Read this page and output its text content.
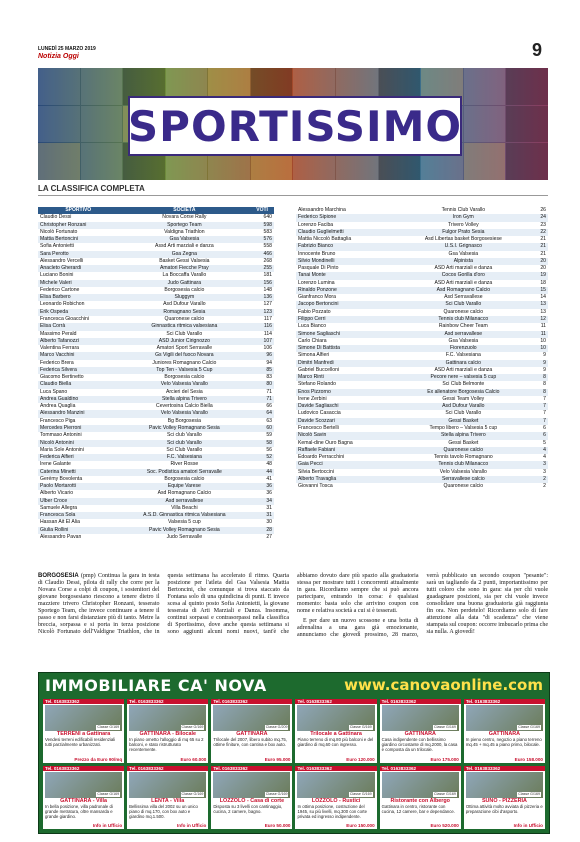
LUNEDÌ 25 MARZO 2019
Notizia Oggi	9
SPORTISSIMO
LA CLASSIFICA COMPLETA
SPORTIVO	SOCIETÀ	VOTI
Claudio Dessi	Novara Corse Rally	640
Christopher Ronzani	Sportego Team	598
Nicolò Fortunato	Valdigna Triathlon	583
Mattia Bertoncini	Gsa Valsesia	576
Sofia Antonietti	Assd Arti marziali e danza	558
Sara Perotto	Gsa Zegna	466
Alessandro Vercelli	Basket Gessi Valsesia	268
Anacleto Gherardi	Amatori Fiecche Pray	255
Luciano Bonini	La Boccaffa Varallo	181
Michele Valeri	Judo Gattinara	156
Federico Cartone	Borgosesia calcio	148
Elisa Barbero	Sluggym	136
Leonardo Robichon	Asd Dufour Varallo	127
Erik Ospeda	Romagnano Sesia	123
Francesca Gioacchini	Quaronese calcio	117
Elisa Corrà	Ginnastica ritmica valsesiana	116
Massimo Perald	Sci Club Varallo	114
Alberto Tafanozzi	ASD Junior Cirignozzo	107
Valentina Ferrara	Amatori Sport Serravalle	106
Marco Vacchini	Gs Vigili del fuoco Novara	96
Federico Brera	Juniores Romagnano Calcio	94
Federica Silvera	Top Ten - Valsesia 5 Cup	85
Giacomo Bertinetto	Borgosesia calcio	83
Claudio Biella	Velo Valsesia Varallo	80
Luca Spano	Arcieri del Sesia	71
Andrea Gualdino	Stella alpina Trivero	71
Andrea Quaglia	Cevertosina Calcio Biella	66
Alessandro Manzini	Velo Valsesia Varallo	64
Francesco Piga	Bg Borgosesia	63
Mercedes Pierroni	Pavic Volley Romagnano Sesia	60
Tommaso Antonini	Sci club Varallo	59
Nicolò Antonini	Sci club Varallo	58
Maria Sole Antonini	Sci Club Varallo	56
Federica Alfieri	F.C. Valsesiana	52
Irene Galante	River Rosse	48
Caterina Minetti	Soc. Podistica amatori Serravalle	44
Gerémy Bovolenta	Borgosesia calcio	41
Paolo Mortarotti	Equipe Varese	36
Alberto Vicario	Asd Romagnano Calcio	36
Ulber Croce	Asd serravallese	34
Samuele Allegra	Villa Beachi	31
Francesca Sola	A.S.D. Ginnastica ritmica Valsesiana	31
Hassan Ait El Alia	Valsesia 5 cup	30
Giulia Rollini	Pavic Volley Romagnano Sesia	28
Alessandro Pavan	Judo Serravalle	27
Alessandro Marchina	Tennis Club Varallo	26
Federico Sipione	Iron Gym	24
Lorenzo Faciba	Trivero Volley	23
Claudio Guglielmetti	Fulgor Prato Sesia	22
Mattia Niccolò Battaglia	Asd Libertas basket Borgosesiese	21
Fabrizio Bianco	U.S.I. Grignasco	21
Innocente Bruno	Gsa Valsesia	21
Silvio Mondinelli	Alpinista	20
Pasquale Di Pinto	ASD Arti marziali e danza	20
Tanai Monte	Cocos Gorilla d'oro	19
Lorenzo Lumina	ASD Arti marziali e danza	18
Rinaldo Ponzone	Asd Romagnano Calcio	15
Gianfranco Mora	Asd Serravallese	14
Jacopo Bertoncini	Sci Club Varallo	13
Fabio Pozzato	Quaronese calcio	13
Filippo Cerri	Tennis club Milanacco	12
Luca Bianco	Rainbow Cheer Team	11
Simone Sagliaschi	Asd serravallese	11
Carlo Chiara	Gsa Valsesia	10
Simone Di Battista	Fiorenzuolo	10
Simona Alfieri	F.C. Valsesiana	9
Dimitri Manfredi	Gattinara calcio	9
Gabriel Buccelloni	ASD Arti marziali e danza	9
Marco Rinti	Pecore nere – valsesia 5 cup	8
Stefano Rolando	Sci Club Belmonte	8
Enos Pizzorno	Ex allenatore Borgosesia Calcio	8
Irene Zerbini	Gessi Team Volley	7
Davide Sagliaschi	Asd Dufour Varallo	7
Ludovico Casaccia	Sci Club Varallo	7
Davide Scozzari	Gessi Basket	7
Francesco Bertelli	Tempo libero – Valsesia 5 cup	6
Nicolò Savin	Stella alpina Trivero	6
Kemal-dine Ouro Bagna	Gessi Basket	5
Raffaele Fabiani	Quaronese calcio	4
Edoardo Perracchini	Tennis tavolo Romagnano	4
Gaia Pecci	Tennis club Milanacco	3
Silvia Bertoccini	Velo Valsesia Varallo	3
Alberto Travaglia	Serravallese calcio	2
Giovanni Tosca	Quaronese calcio	2
BORGOSESIA (pmp) Continua la gara in testa di Claudio Dessi, pilota di rally che corre per la Novara Corse a colpi di coupon, i sostenitori del giovane borgosesiano riescono a tenere dietro il mazziere trivero Christopher Ronzani, tesserato Sportego Team, che invece continuare a tenere il passo e non farsi distanziare più di tanto. Metre la breccia, sorpassa e si porta in terza posizione Nicolò Fortunato dell'Valdigne Triathlon, che in questa settimana ha accelerato il ritmo. Quarta posizione per l'atleta del Gsa Valsesia Mattia Bertoncini, che comunque si trova staccato da Fontana solo di una quindicina di punti. E invece scesa al quinto posto Sofia Antonietti, la giovane tesserata di Arti Marziali e Danza. Insomma, continui sorpassi e contrasorpassi nella classifica di Sportissimo, dove anche questa settimana si sono aggiunti alcuni nomi nuovi, tant'è che abbiamo dovuto dare più spazio alla graduatoria stessa per mostrare tutti i concorrenti attualmente in gara. Ricordiamo sempre che si può ancora partecipare, entrando in corsa: è qualsiasi momento: basta solo che arrivino coupon con nome e relativa società a cui si è tesserati.

E per dare un nuovo scossone e una botta di adrenalina a una gara già emozionante, annunciamo che giovedì prossimo, 28 marzo, verrà pubblicato un secondo coupon "pesante": sarà un tagliando da 2 punti, importantissimo per tutti coloro che sono in gara: sia per chi vuole guadagnare posizioni, sia per chi vuole invece consolidare una buona graduatoria già raggiunta fin ora. Non perdetelo! Ricordiamo solo di fare attenzione alla data "di scadenza" che viene stampata sul coupon: occorre imbucarlo prima che sia nulla. A giovedì!

IMMOBILIARE CA' NOVA	www.canovaonline.com
Tel. 0163833362
Classe G/169
TERRENI a Gattinara
Vendesi terreni edificabili residenziali tutti parzialmente urbanizzati.
Prezzo da Euro 90/mq
Tel. 0163833362
Classe G/169
GATTINARA - Bilocale
In piano ometto l'alloggio di mq 65 su 2 balconi, e stato ristrutturato recentemente.
Euro 60.000
Tel. 0163833362
Classe G/209
GATTINARA
Trilocale del 2007, libero subito mq.75, ottime finiture, con cantina e box auto.
Euro 95.000
Tel. 0163833362
Classe G/169
Trilocale a Gattinara
Piano terreno di mq.80 più balconi e del giardino di mq.60 con ingresso.
Euro 120.000
Tel. 0163833362
Classe G/169
GATTINARA
Casa indipendente con bellissimo giardino circostante di mq.2000, la casa è composta da un trilocale.
Euro 175.000
Tel. 0163833362
Classe G/169
GATTINARA
In pieno centro, negozio a piano terreno mq.45 + mq.45 a piano primo, bilocale.
Euro 158.000
Tel. 0163833362
Classe G/169
GATTINARA - Villa
In bella posizione, villa padronale di grande metratura, oltre mansarda e grande giardino.
Info in Ufficio
Tel. 0163833362
Classe G/169
LENTA - Villa
Bellissima villa del 2002 su un unico piano di mq.170, con box auto e giardino mq.1.500.
Info in Ufficio
Tel. 0163833362
Classe G/169
LOZZOLO - Casa di corte
Disposta su 3 livelli con cantinaggio, cucina, 2 camere, bagno.
Euro 50.000
Tel. 0163833362
Classe G/169
LOZZOLO - Rustici
In ottima posizione, costruzione del 1945, su più livelli, mq.300 con corte privata ed ingresso indipendente.
Euro 150.000
Tel. 0163833362
Classe G/169
Ristorante con Albergo
Gattinara in centro, ristorante con cucina, 12 camere, bar e dependance.
Euro 520.000
Tel. 0163833362
Classe G/169
SUNO - PIZZERIA
Ottima attività molto avviata di pizzeria e preparazione cibi d'asporto.
Info in Ufficio
